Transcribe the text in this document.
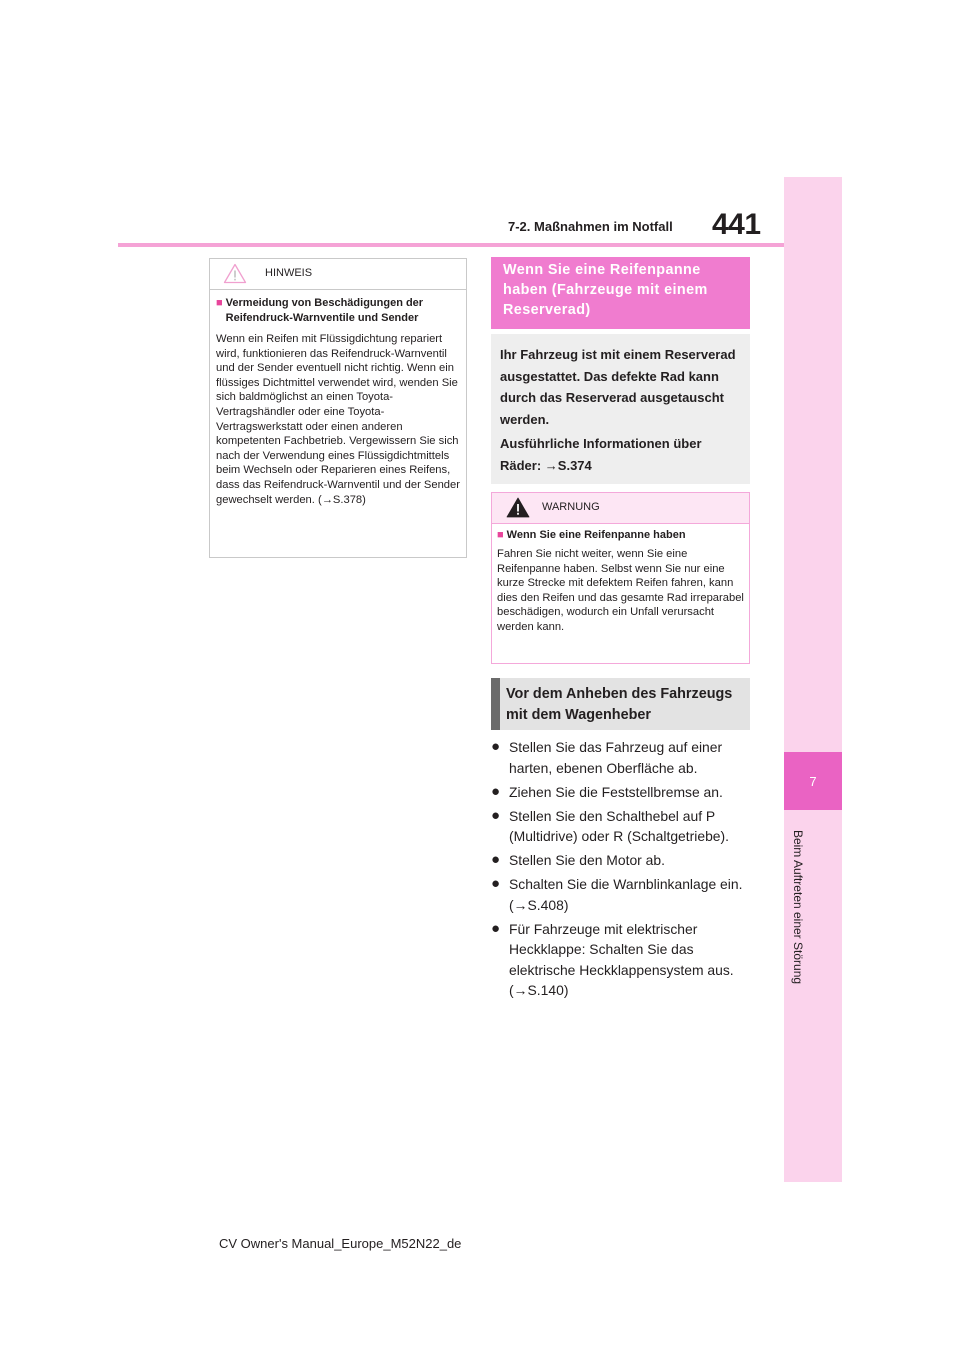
7-2. Maßnahmen im Notfall 441
7
Beim Auftreten einer Störung
HINWEIS
■ Vermeidung von Beschädigungen der Reifendruck-Warnventile und Sender
Wenn ein Reifen mit Flüssigdichtung repariert wird, funktionieren das Reifendruck-Warnventil und der Sender eventuell nicht richtig. Wenn ein flüssiges Dichtmittel verwendet wird, wenden Sie sich baldmöglichst an einen Toyota-Vertragshändler oder eine Toyota-Vertragswerkstatt oder einen anderen kompetenten Fachbetrieb. Vergewissern Sie sich nach der Verwendung eines Flüssigdichtmittels beim Wechseln oder Reparieren eines Reifens, dass das Reifendruck-Warnventil und der Sender gewechselt werden. (→S.378)
Wenn Sie eine Reifenpanne haben (Fahrzeuge mit einem Reserverad)

Ihr Fahrzeug ist mit einem Reserverad ausgestattet. Das defekte Rad kann durch das Reserverad ausgetauscht werden.

Ausführliche Informationen über Räder: →S.374

WARNUNG
■ Wenn Sie eine Reifenpanne haben
Fahren Sie nicht weiter, wenn Sie eine Reifenpanne haben. Selbst wenn Sie nur eine kurze Strecke mit defektem Reifen fahren, kann dies den Reifen und das gesamte Rad irreparabel beschädigen, wodurch ein Unfall verursacht werden kann.
Vor dem Anheben des Fahrzeugs mit dem Wagenheber
● Stellen Sie das Fahrzeug auf einer harten, ebenen Oberfläche ab.
● Ziehen Sie die Feststellbremse an.
● Stellen Sie den Schalthebel auf P (Multidrive) oder R (Schaltgetriebe).
● Stellen Sie den Motor ab.
● Schalten Sie die Warnblinkanlage ein. (→S.408)
● Für Fahrzeuge mit elektrischer Heckklappe: Schalten Sie das elektrische Heckklappensystem aus. (→S.140)
CV Owner's Manual_Europe_M52N22_de
